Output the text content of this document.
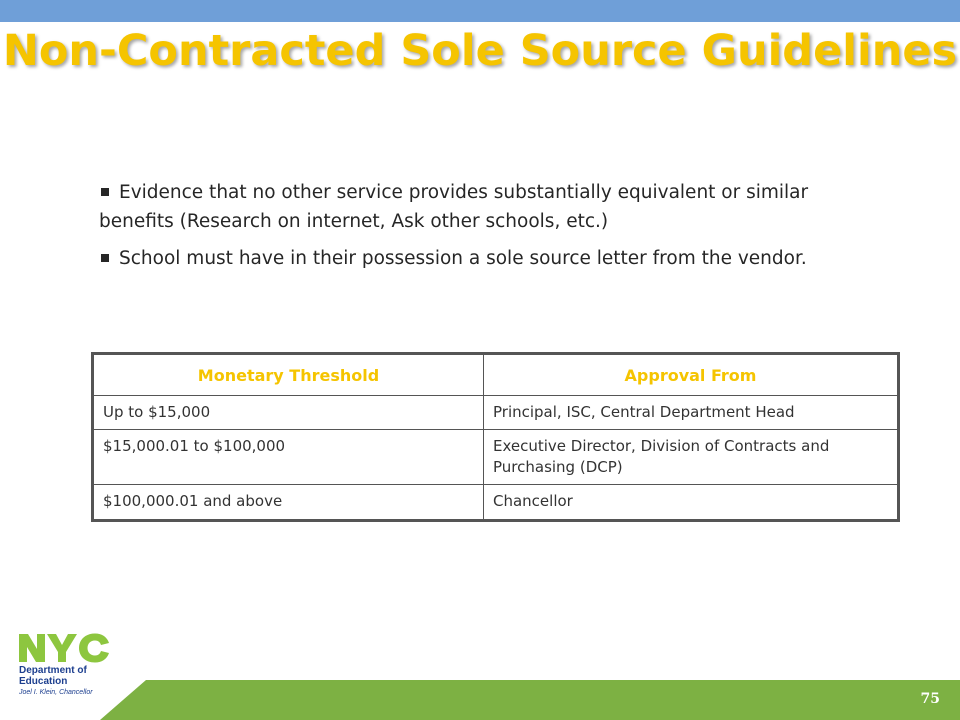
Non-Contracted Sole Source Guidelines
Evidence that no other service provides substantially equivalent or similar benefits (Research on internet, Ask other schools, etc.)
School must have in their possession a sole source letter from the vendor.
Monetary Threshold	Approval From
Up to $15,000	Principal, ISC, Central Department Head
$15,000.01 to $100,000	Executive Director, Division of Contracts and Purchasing (DCP)
$100,000.01 and above	Chancellor
Department of
Education
Joel I. Klein, Chancellor	75
